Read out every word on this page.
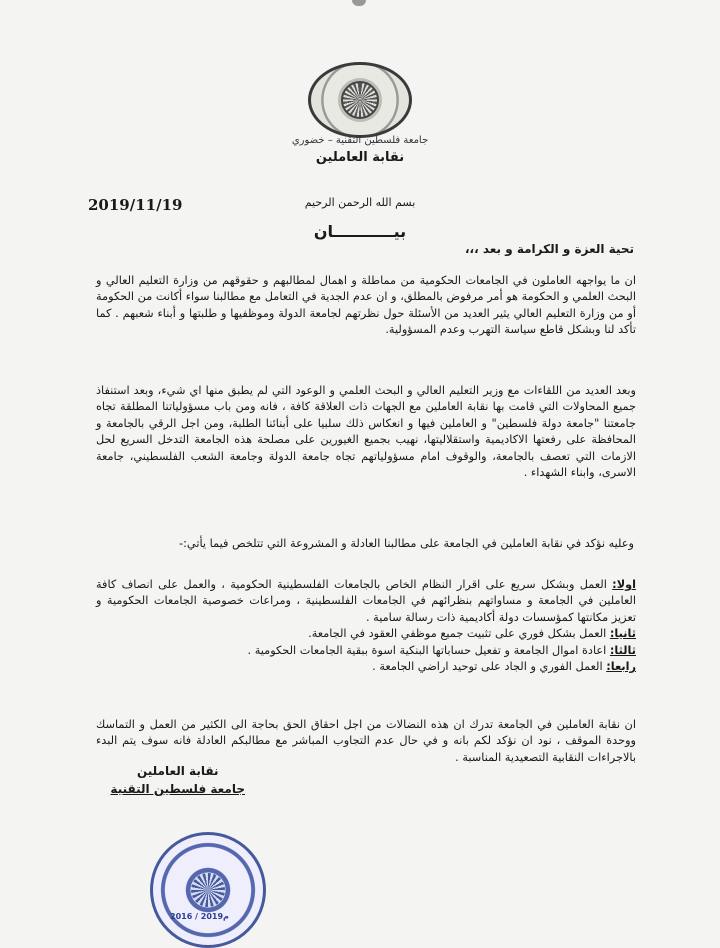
جامعة فلسطين التقنية – خضوري
نقابة العاملين
2019/11/19	بسم الله الرحمن الرحيم
بيـــــــــــان
تحية العزة و الكرامة و بعد ،،،
ان ما يواجهه العاملون في الجامعات الحكومية من مماطلة و اهمال لمطالبهم و حقوقهم من وزارة التعليم العالي و البحث العلمي و الحكومة هو أمر مرفوض بالمطلق، و ان عدم الجدية في التعامل مع مطالبنا سواء أكانت من الحكومة أو من وزارة التعليم العالي يثير العديد من الأسئلة حول نظرتهم لجامعة الدولة وموظفيها و طلبتها و أبناء شعبهم . كما تأكد لنا وبشكل قاطع سياسة التهرب وعدم المسؤولية.
وبعد العديد من اللقاءات مع وزير التعليم العالي و البحث العلمي و الوعود التي لم يطبق منها اي شيء، وبعد استنفاذ جميع المحاولات التي قامت بها نقابة العاملين مع الجهات ذات العلاقة كافة ، فانه ومن باب مسؤولياتنا المطلقة تجاه جامعتنا "جامعة دولة فلسطين" و العاملين فيها و انعكاس ذلك سلبيا على أبنائنا الطلبة، ومن اجل الرقي بالجامعة و المحافظة على رفعتها الاكاديمية واستقلاليتها، نهيب بجميع الغيورين على مصلحة هذه الجامعة التدخل السريع لحل الازمات التي تعصف بالجامعة، والوقوف امام مسؤولياتهم تجاه جامعة الدولة وجامعة الشعب الفلسطيني، جامعة الاسرى، وابناء الشهداء .
وعليه نؤكد في نقابة العاملين في الجامعة على مطالبنا العادلة و المشروعة التي تتلخص فيما يأتي:-

اولا: العمل وبشكل سريع على اقرار النظام الخاص بالجامعات الفلسطينية الحكومية ، والعمل على انصاف كافة العاملين في الجامعة و مساواتهم بنظرائهم في الجامعات الفلسطينية ، ومراعات خصوصية الجامعات الحكومية و تعزيز مكانتها كمؤسسات دولة أكاديمية ذات رسالة سامية .

ثانيا: العمل بشكل فوري على تثبيت جميع موظفي العقود في الجامعة.

ثالثا: اعادة اموال الجامعة و تفعيل حساباتها البنكية اسوة ببقية الجامعات الحكومية .

رابعا: العمل الفوري و الجاد على توحيد اراضي الجامعة .

ان نقابة العاملين في الجامعة تدرك ان هذه النضالات من اجل احقاق الحق بحاجة الى الكثير من العمل و التماسك ووحدة الموقف ، نود ان نؤكد لكم بانه و في حال عدم التجاوب المباشر مع مطالبكم العادلة فانه سوف يتم البدء بالاجراءات النقابية التصعيدية المناسبة .
نقابة العاملين
جامعة فلسطين التقنية
2016 / 2019م
